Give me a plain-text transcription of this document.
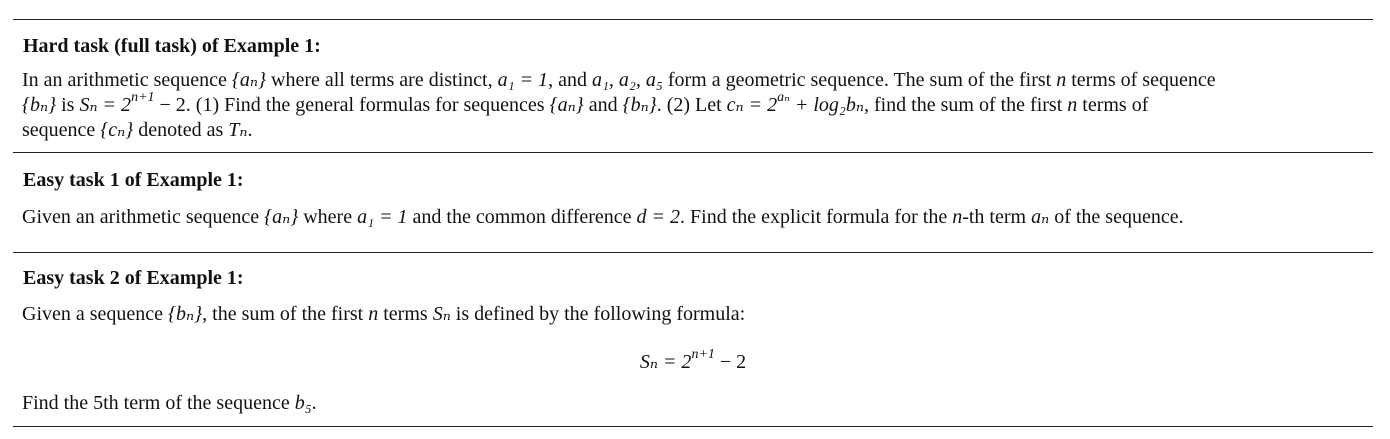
Hard task (full task) of Example 1:
In an arithmetic sequence {aₙ} where all terms are distinct, a₁ = 1, and a₁, a₂, a₅ form a geometric sequence. The sum of the first n terms of sequence
{bₙ} is $S_n = 2^{n+1} - 2$. (1) Find the general formulas for sequences {aₙ} and {bₙ}. (2) Let $c_n = 2^{a_n} + \log_2b_n$, find the sum of the first n terms of
sequence {cₙ} denoted as Tₙ.
Easy task 1 of Example 1:
Given an arithmetic sequence {aₙ} where a₁ = 1 and the common difference d = 2. Find the explicit formula for the n-th term aₙ of the sequence.
Easy task 2 of Example 1:
Given a sequence {bₙ}, the sum of the first n terms Sₙ is defined by the following formula:
$S_n = 2^{n+1} - 2$
Find the 5th term of the sequence b₅.
